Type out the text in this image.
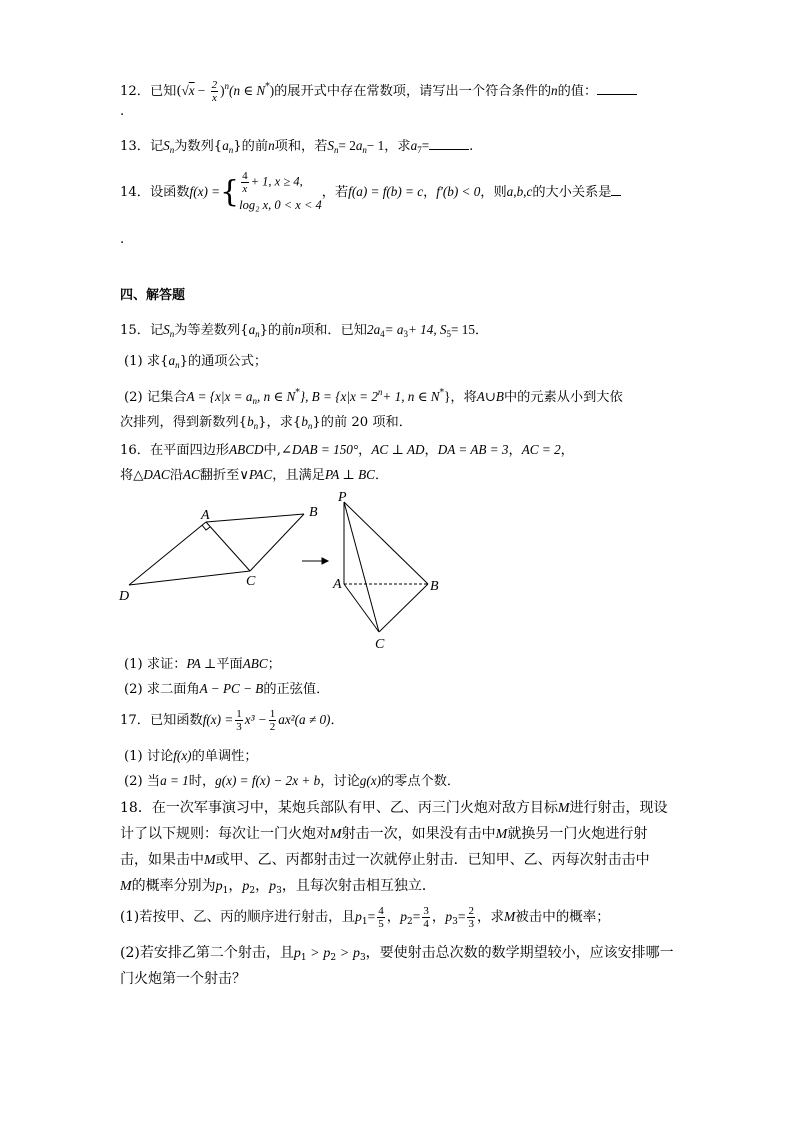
12．已知$(√x - \frac{2}{x} )^n(n$ ∈ N*)的展开式中存在常数项，请写出一个符合条件的n的值：
.
13．记$S_n$为数列$\{a_n\}$的前n项和，若$S_n= 2a_n- 1$，求$a_7=$	.
14．设函数f(x) ={ $\frac{4}{x} + 1$, x ≥ 4,
log₂ x, 0 < x < 4
，若f(a) = f(b) = c，f′(b) < 0，则a,b,c的大小关系是
.
四、解答题
15．记$S_n$为等差数列$\{a_n\}$的前n项和．已知$2a_4= a_3+ 14$, $S_5= 15$．
(1) 求$\{a_n\}$的通项公式；
(2) 记集合$A = \{x|x = a_n$, n ∈ N*}, $B = \{x|x = 2^n+ 1$, n ∈ N*}，将A∪B中的元素从小到大依
次排列，得到新数列$\{b_n\}$，求$\{b_n\}$的前 20 项和．
16．在平面四边形ABCD中,∠DAB = 150°，AC ⊥ AD，DA = AB = 3，AC = 2，
将△DAC沿AC翻折至∨PAC，且满足PA ⊥ BC．
A	B
C
D
P
A	B
C
(1) 求证：PA ⊥平面ABC；
(2) 求二面角A − PC − B的正弦值．
17．已知函数$f(x) = \frac{1}{3} x^3 - \frac{1}{2} ax^2(a \ne 0)$．
(1) 讨论f(x)的单调性；
(2) 当a = 1时，g(x) = f(x) − 2x + b，讨论g(x)的零点个数．
18．在一次军事演习中，某炮兵部队有甲、乙、丙三门火炮对敌方目标M进行射击，现设
计了以下规则：每次让一门火炮对M射击一次，如果没有击中M就换另一门火炮进行射
击，如果击中M或甲、乙、丙都射击过一次就停止射击．已知甲、乙、丙每次射击击中
M的概率分别为$p_1$，$p_2$，$p_3$，且每次射击相互独立．
(1)若按甲、乙、丙的顺序进行射击，且$p_1= \frac{4}{5}$ ，$p_2= \frac{3}{4}$ ，$p_3= \frac{2}{3}$ ，求M被击中的概率；
(2)若安排乙第二个射击，且$p_1 > p_2 > p_3$，要使射击总次数的数学期望较小，应该安排哪一
门火炮第一个射击？
